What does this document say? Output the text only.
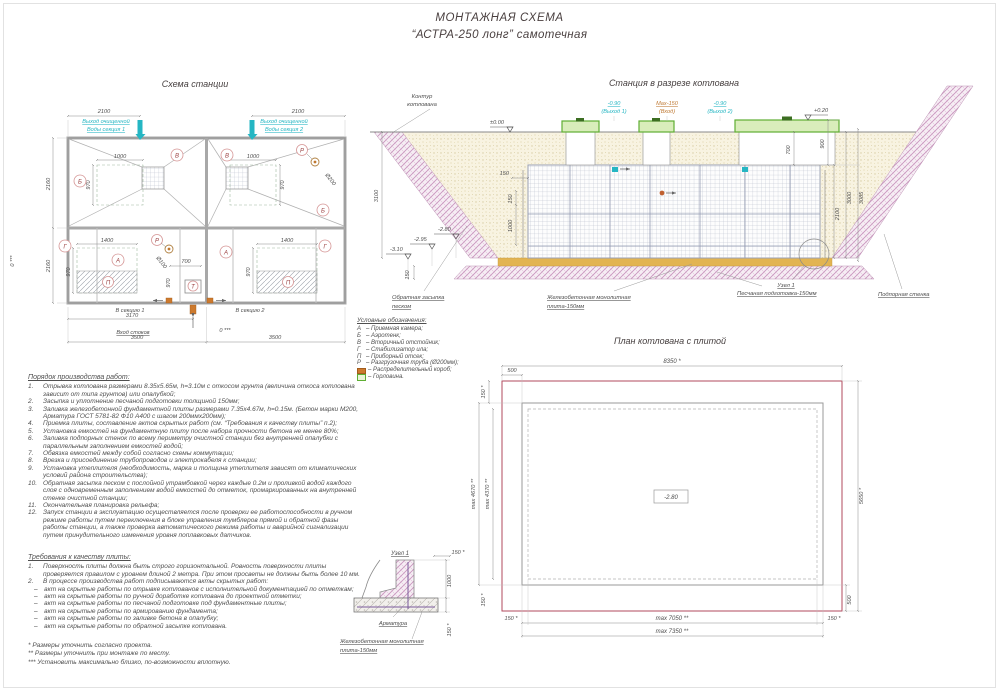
МОНТАЖНАЯ СХЕМА
“АСТРА-250 лонг” самотечная
Схема станции
1000
970
1000
970
Б
В	В
Б
Р
Ø200
1400
970
1400
970
700
970
Г
А
П
Г
А
П
Р
Ø100
Т
В секцию 1	В секцию 2
2100	2100
Выход очищенной
Воды секция 1
Выход очищенной
Воды секция 2
2160
2160
0 ***
3170
3500	3500
0 ***
Вход стоков
Станция в разрезе котлована
Контур
котлована
±0.00
+0.20
-0.90
(Выход 1)
Мах-150
(Вход)
-0.90
(Выход 2)
3100
-3.10
-2.95
-2.80
150
150
150
1000
700
900
2100
3000 3085
Узел 1
Обратная засыпка
песком
Железобетонная монолитная
плита-150мм
Песчаная подготовка-150мм	Подпорная стенка
Условные обозначения:
А – Приемная камера;
Б – Аэротенк;
В – Вторичный отстойник;
Г – Стабилизатор ила;
П – Приборный отсек;
Р – Разгрузочная труба (Ø200мм);
– Распределительный короб;
– Горловина.
План котлована с плитой
8350 *
500
150 *
max 4670 ** max 4370 **	5650 *
150 *	max 7050 **	150 *
max 7350 **
500
150 *
-2.80
Узел 1	150 *
1000
150 *
Арматура
Железобетонная монолитная
плита-150мм
Порядок производства работ:
Отрывка котлована размерами 8.35х5.65м, h=3.10м с откосом грунта (величина откоса котлована зависит от типа грунтов) или опалубкой;
Засыпка и уплотнение песчаной подготовки толщиной 150мм;
Заливка железобетонной фундаментной плиты размерами 7.35х4.67м, h=0.15м. (Бетон марки М200, Арматура ГОСТ 5781-82 Ф10 А400 с шагом 200ммх200мм);
Приемка плиты, составление актов скрытых работ (см. “Требования к качеству плиты” п.2);
Установка емкостей на фундаментную плиту после набора прочности бетона не менее 80%;
Заливка подпорных стенок по всему периметру очистной станции без внутренней опалубки с параллельным заполнением емкостей водой;
Обвязка емкостей между собой согласно схемы коммутации;
Врезка и присоединение трубопроводов и электрокабеля к станции;
Установка утеплителя (необходимость, марка и толщина утеплителя зависят от климатических условий района строительства);
Обратная засыпка песком с послойной утрамбовкой через каждые 0.2м и проливкой водой каждого слоя с одновременным заполнением водой емкостей до отметок, промаркированных на внутренней стенке очистной станции;
Окончательная планировка рельефа;
Запуск станции в эксплуатацию осуществляется после проверки ее работоспособности в ручном режиме работы путем переключения в блоке управления тумблеров прямой и обратной фазы работы станции, а также проверка автоматического режима работы и аварийной сигнализации путем принудительного изменения уровня поплавковых датчиков.
Требования к качеству плиты:
Поверхность плиты должна быть строго горизонтальной. Ровность поверхности плиты проверяется правилом с уровнем длиной 2 метра. При этом просветы не должны быть более 10 мм.
В процессе производства работ подписываются акты скрытых работ:
– акт на скрытые работы по отрывке котлованов с исполнительной документацией по отметкам;
– акт на скрытые работы по ручной доработке котлована до проектной отметки;
– акт на скрытые работы по песчаной подготовке под фундаментные плиты;
– акт на скрытые работы по армированию фундамента;
– акт на скрытые работы по заливке бетона в опалубку;
– акт на скрытые работы по обратной засыпке котлована.
* Размеры уточнить согласно проекта.
** Размеры уточнить при монтаже по месту.
*** Установить максимально близко, по-возможности вплотную.
